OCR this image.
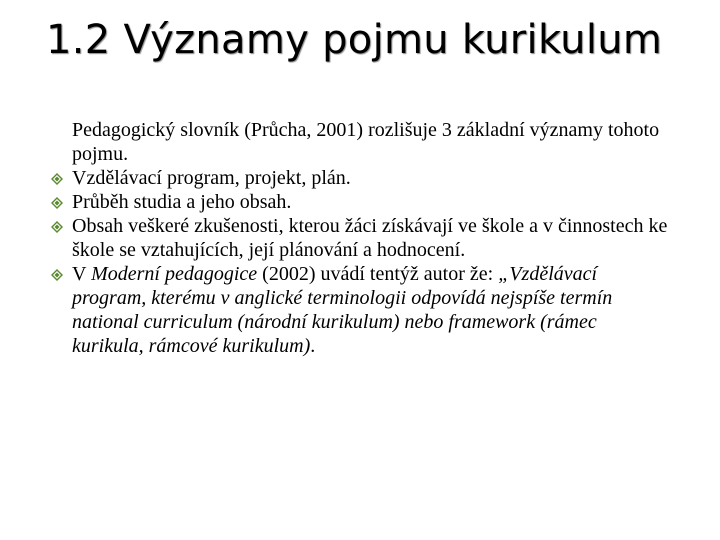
1.2 Významy pojmu kurikulum

Pedagogický slovník (Průcha, 2001) rozlišuje 3 základní významy tohoto pojmu.

Vzdělávací program, projekt, plán.

Průběh studia a jeho obsah.

Obsah veškeré zkušenosti, kterou žáci získávají ve škole a v činnostech ke škole se vztahujících, její plánování a hodnocení.

V Moderní pedagogice (2002) uvádí tentýž autor že: „Vzdělávací program, kterému v anglické terminologii odpovídá nejspíše termín national curriculum (národní kurikulum) nebo framework (rámec kurikula, rámcové kurikulum).
